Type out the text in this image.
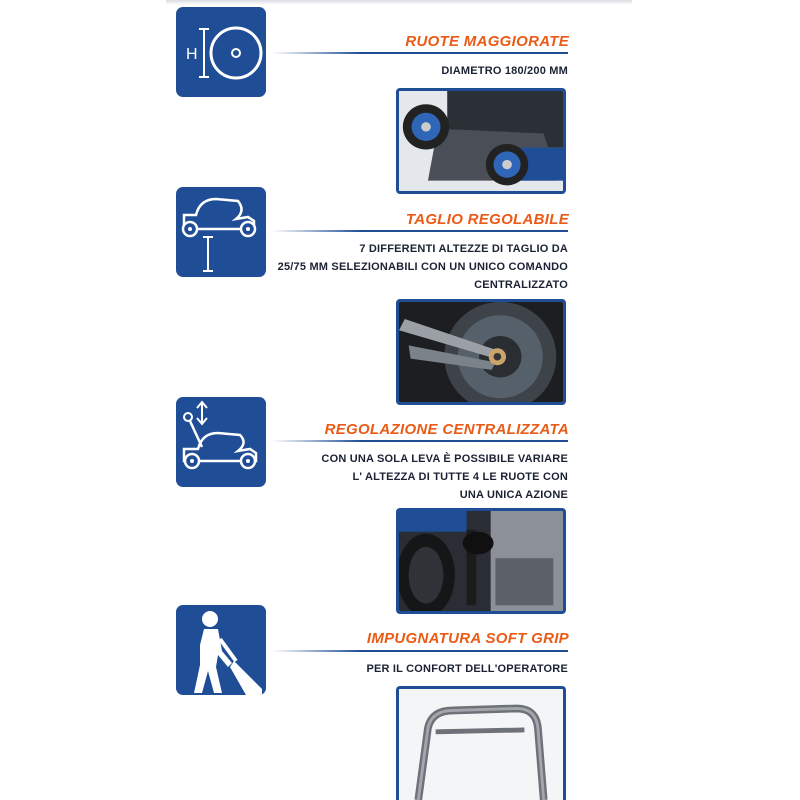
H
RUOTE MAGGIORATE

DIAMETRO 180/200 MM

TAGLIO REGOLABILE

7 DIFFERENTI ALTEZZE DI TAGLIO DA
25/75 MM SELEZIONABILI CON UN UNICO COMANDO
CENTRALIZZATO

REGOLAZIONE CENTRALIZZATA

CON UNA SOLA LEVA È POSSIBILE VARIARE
L' ALTEZZA DI TUTTE 4 LE RUOTE CON
UNA UNICA AZIONE

IMPUGNATURA SOFT GRIP

PER IL CONFORT DELL'OPERATORE
